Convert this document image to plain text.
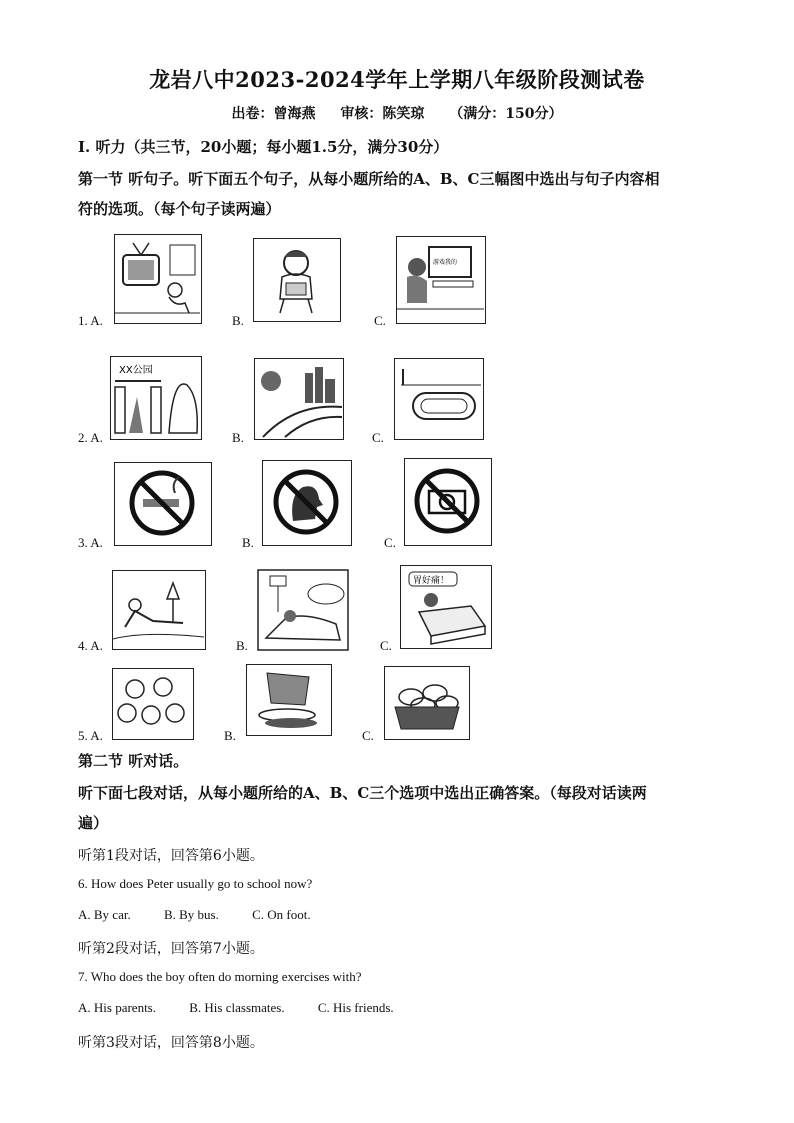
龙岩八中2023-2024学年上学期八年级阶段测试卷
出卷：曾海燕 审核：陈笑琼 （满分：150分）
I. 听力（共三节，20小题；每小题1.5分，满分30分）
第一节 听句子。听下面五个句子，从每小题所给的A、B、C三幅图中选出与句子内容相
符的选项。（每个句子读两遍）
1. A.	B.	C.
游戏我的
2. A.
XX公园
B.	C.
3. A.	B.	C.
4. A.	B.	C.
胃好痛！
5. A.	B.	C.
第二节 听对话。
听下面七段对话，从每小题所给的A、B、C三个选项中选出正确答案。（每段对话读两
遍）
听第1段对话，回答第6小题。
6. How does Peter usually go to school now?
A. By car.	B. By bus.	C. On foot.
听第2段对话，回答第7小题。
7. Who does the boy often do morning exercises with?
A. His parents.	B. His classmates.	C. His friends.
听第3段对话，回答第8小题。
